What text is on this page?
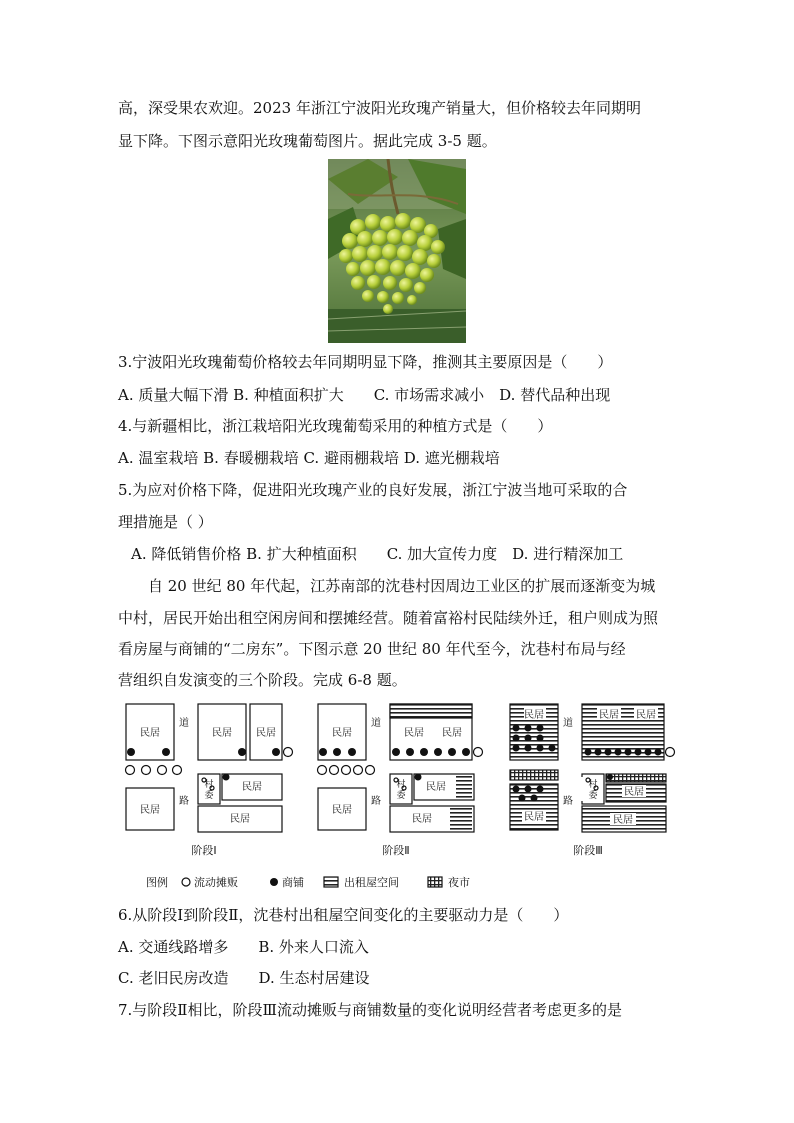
高，深受果农欢迎。2023 年浙江宁波阳光玫瑰产销量大，但价格较去年同期明
显下降。下图示意阳光玫瑰葡萄图片。据此完成 3-5 题。
3.宁波阳光玫瑰葡萄价格较去年同期明显下降，推测其主要原因是（　　）
A. 质量大幅下滑 B. 种植面积扩大　　C. 市场需求减小　D. 替代品种出现
4.与新疆相比，浙江栽培阳光玫瑰葡萄采用的种植方式是（　　）
A. 温室栽培 B. 春暖棚栽培 C. 避雨棚栽培 D. 遮光棚栽培
5.为应对价格下降，促进阳光玫瑰产业的良好发展，浙江宁波当地可采取的合
理措施是（ ）
A. 降低销售价格 B. 扩大种植面积　　C. 加大宣传力度　D. 进行精深加工
自 20 世纪 80 年代起，江苏南部的沈巷村因周边工业区的扩展而逐渐变为城
中村，居民开始出租空闲房间和摆摊经营。随着富裕村民陆续外迁，租户则成为照
看房屋与商铺的“二房东”。下图示意 20 世纪 80 年代至今，沈巷村布局与经
营组织自发演变的三个阶段。完成 6-8 题。
民居	民居 民居
民居
民居
民居
道
路
村
委
阶段Ⅰ
民居	民居 民居
民居
民居
民居
道
路
村
委
阶段Ⅱ
民居	民居 民居
民居
民居
民居
道
路
村
委
阶段Ⅲ
图例 流动摊贩	商铺	出租屋空间	夜市
6.从阶段Ⅰ到阶段Ⅱ，沈巷村出租屋空间变化的主要驱动力是（　　）
A. 交通线路增多　　B. 外来人口流入
C. 老旧民房改造　　D. 生态村居建设
7.与阶段Ⅱ相比，阶段Ⅲ流动摊贩与商铺数量的变化说明经营者考虑更多的是
